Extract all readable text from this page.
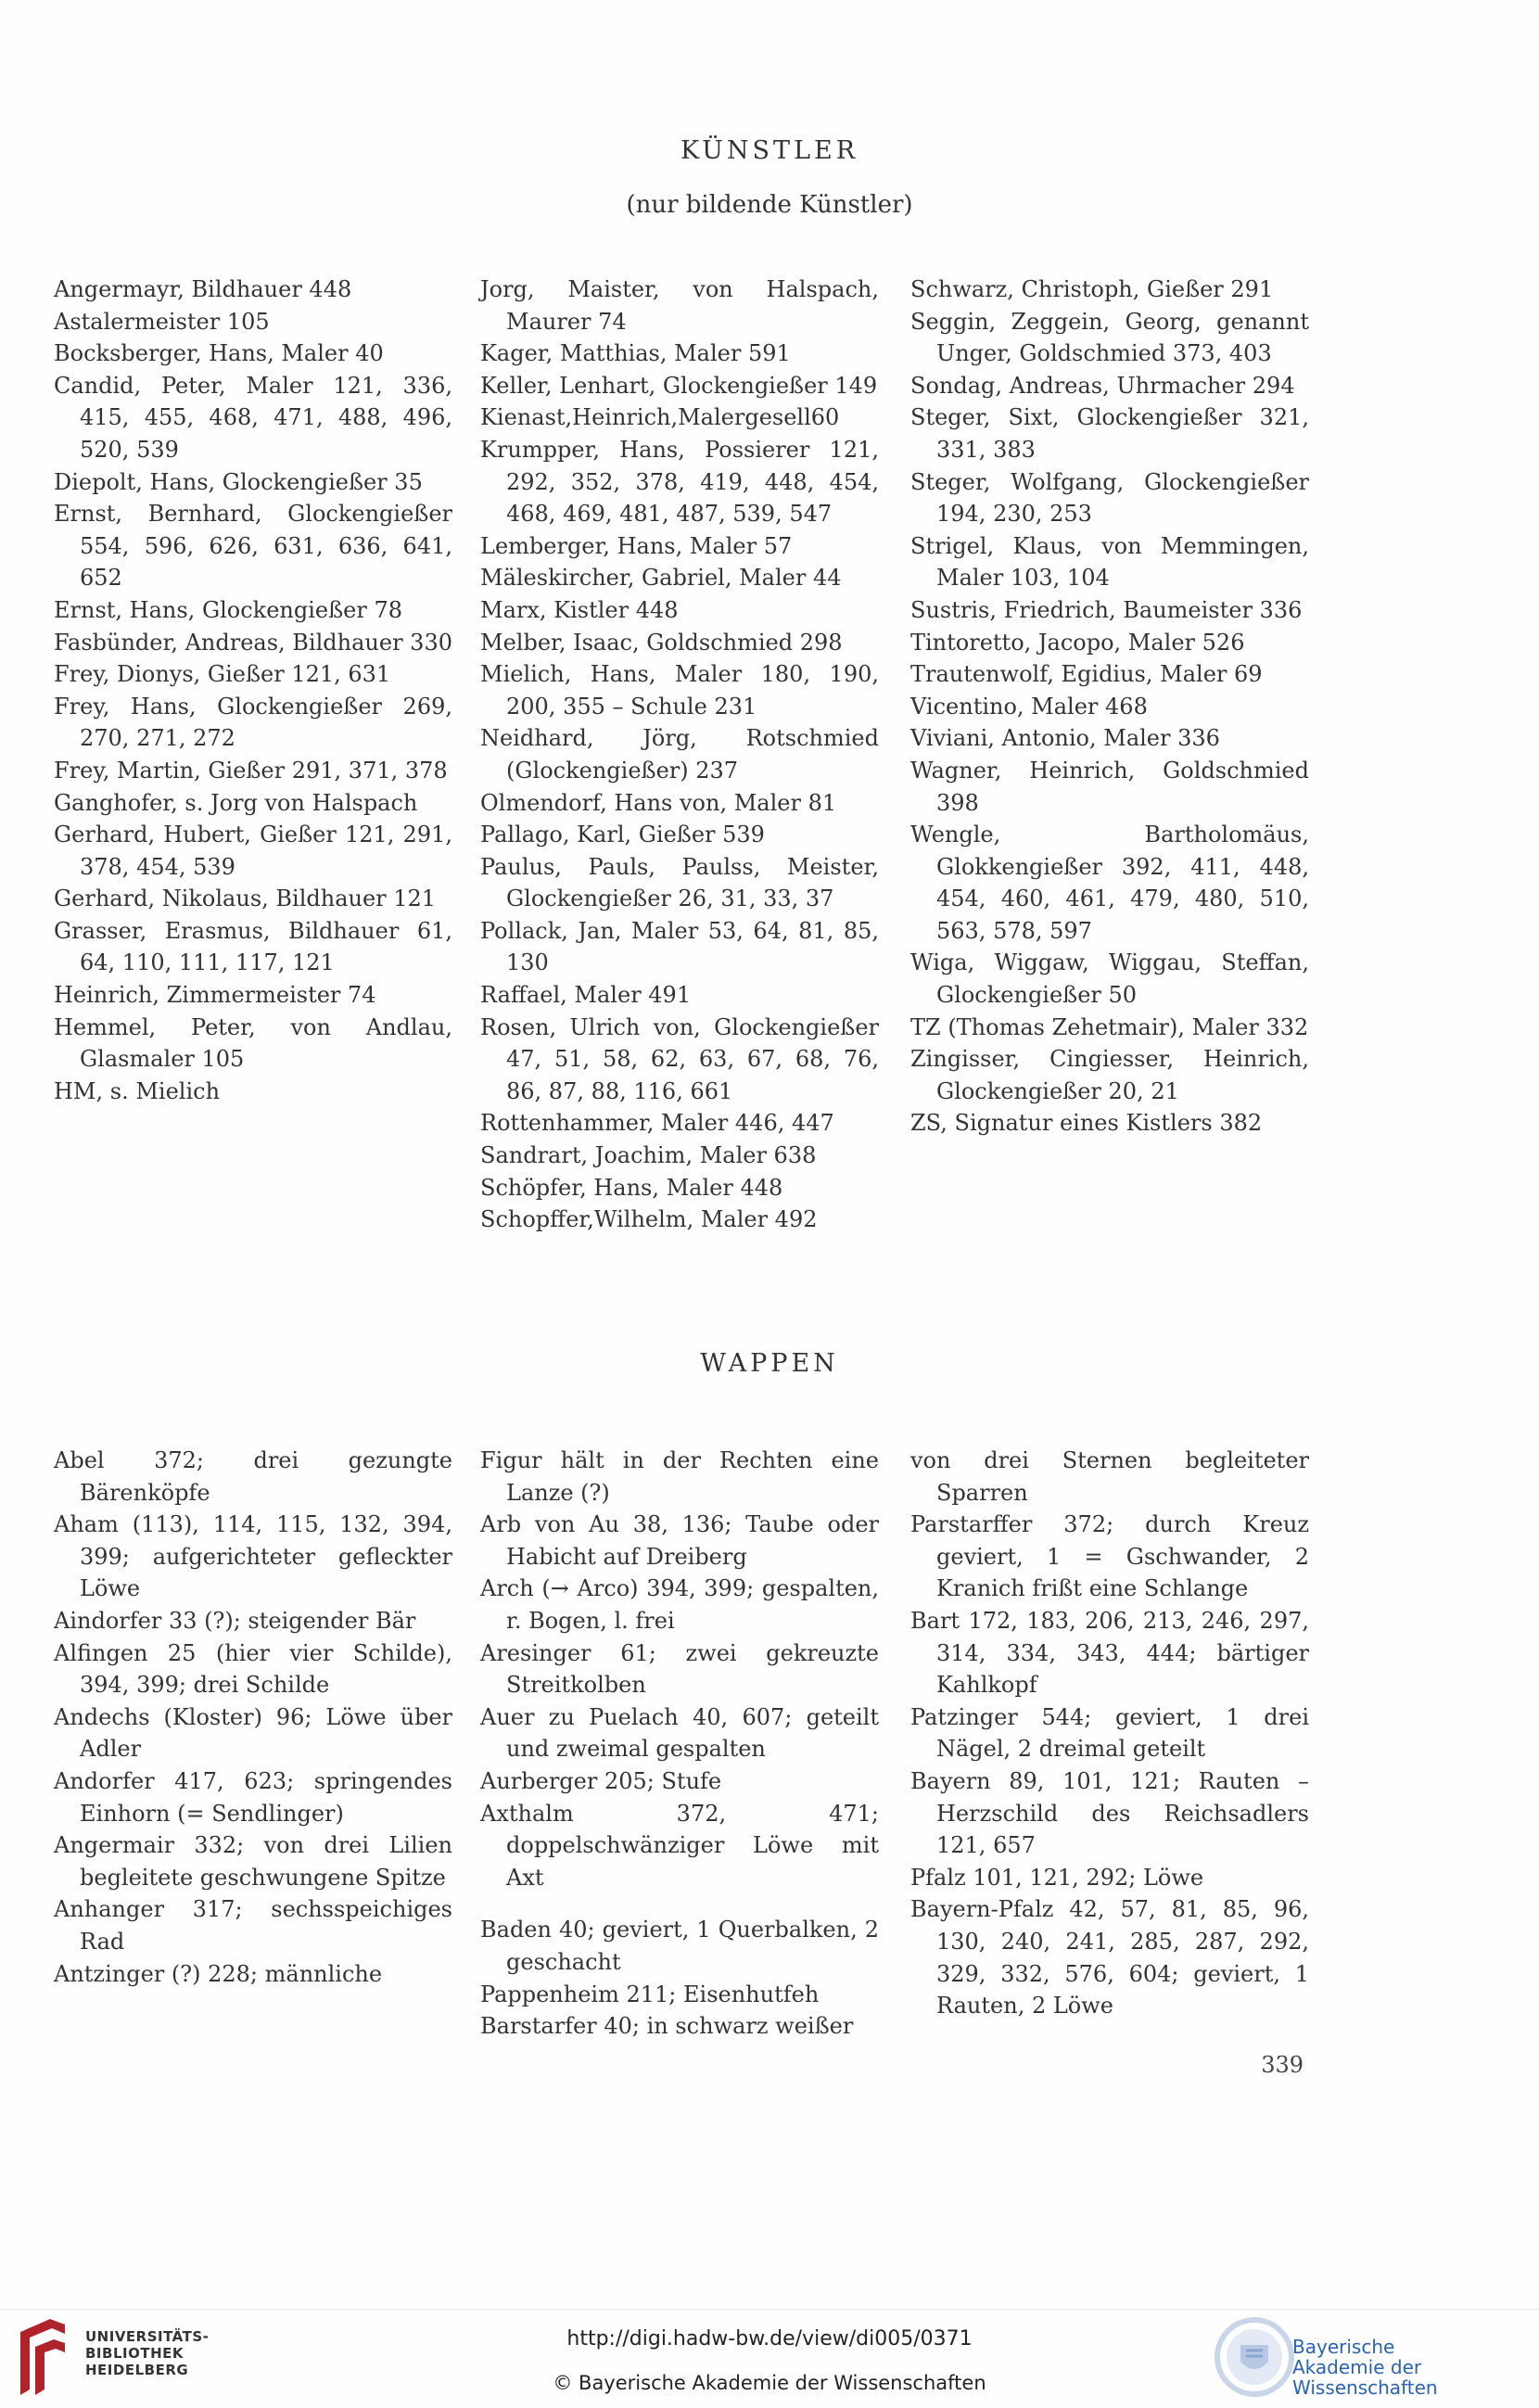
KÜNSTLER
(nur bildende Künstler)

Angermayr, Bildhauer 448

Astalermeister 105

Bocksberger, Hans, Maler 40

Candid, Peter, Maler 121, 336, 415, 455, 468, 471, 488, 496, 520, 539

Diepolt, Hans, Glockengießer 35

Ernst, Bernhard, Glockengießer 554, 596, 626, 631, 636, 641, 652

Ernst, Hans, Glockengießer 78

Fasbünder, Andreas, Bildhauer 330

Frey, Dionys, Gießer 121, 631

Frey, Hans, Glockengießer 269, 270, 271, 272

Frey, Martin, Gießer 291, 371, 378

Ganghofer, s. Jorg von Halspach

Gerhard, Hubert, Gießer 121, 291, 378, 454, 539

Gerhard, Nikolaus, Bildhauer 121

Grasser, Erasmus, Bildhauer 61, 64, 110, 111, 117, 121

Heinrich, Zimmermeister 74

Hemmel, Peter, von Andlau, Glasmaler 105

HM, s. Mielich

Jorg, Maister, von Halspach, Maurer 74

Kager, Matthias, Maler 591

Keller, Lenhart, Glockengießer 149

Kienast,Heinrich,Malergesell60

Krumpper, Hans, Possierer 121, 292, 352, 378, 419, 448, 454, 468, 469, 481, 487, 539, 547

Lemberger, Hans, Maler 57

Mäleskircher, Gabriel, Maler 44

Marx, Kistler 448

Melber, Isaac, Goldschmied 298

Mielich, Hans, Maler 180, 190, 200, 355 – Schule 231

Neidhard, Jörg, Rotschmied (Glockengießer) 237

Olmendorf, Hans von, Maler 81

Pallago, Karl, Gießer 539

Paulus, Pauls, Paulss, Meister, Glockengießer 26, 31, 33, 37

Pollack, Jan, Maler 53, 64, 81, 85, 130

Raffael, Maler 491

Rosen, Ulrich von, Glockengießer 47, 51, 58, 62, 63, 67, 68, 76, 86, 87, 88, 116, 661

Rottenhammer, Maler 446, 447

Sandrart, Joachim, Maler 638

Schöpfer, Hans, Maler 448

Schopffer,Wilhelm, Maler 492

Schwarz, Christoph, Gießer 291

Seggin, Zeggein, Georg, genannt Unger, Goldschmied 373, 403

Sondag, Andreas, Uhrmacher 294

Steger, Sixt, Glockengießer 321, 331, 383

Steger, Wolfgang, Glockengießer 194, 230, 253

Strigel, Klaus, von Memmingen, Maler 103, 104

Sustris, Friedrich, Baumeister 336

Tintoretto, Jacopo, Maler 526

Trautenwolf, Egidius, Maler 69

Vicentino, Maler 468

Viviani, Antonio, Maler 336

Wagner, Heinrich, Goldschmied 398

Wengle, Bartholomäus, Glokkengießer 392, 411, 448, 454, 460, 461, 479, 480, 510, 563, 578, 597

Wiga, Wiggaw, Wiggau, Steffan, Glockengießer 50

TZ (Thomas Zehetmair), Maler 332

Zingisser, Cingiesser, Heinrich, Glockengießer 20, 21

ZS, Signatur eines Kistlers 382

WAPPEN

Abel 372; drei gezungte Bärenköpfe

Aham (113), 114, 115, 132, 394, 399; aufgerichteter gefleckter Löwe

Aindorfer 33 (?); steigender Bär

Alfingen 25 (hier vier Schilde), 394, 399; drei Schilde

Andechs (Kloster) 96; Löwe über Adler

Andorfer 417, 623; springendes Einhorn (= Sendlinger)

Angermair 332; von drei Lilien begleitete geschwungene Spitze

Anhanger 317; sechsspeichiges Rad

Antzinger (?) 228; männliche

Figur hält in der Rechten eine Lanze (?)

Arb von Au 38, 136; Taube oder Habicht auf Dreiberg

Arch (→ Arco) 394, 399; gespalten, r. Bogen, l. frei

Aresinger 61; zwei gekreuzte Streitkolben

Auer zu Puelach 40, 607; geteilt und zweimal gespalten

Aurberger 205; Stufe

Axthalm 372, 471; doppelschwänziger Löwe mit Axt

Baden 40; geviert, 1 Querbalken, 2 geschacht

Pappenheim 211; Eisenhutfeh

Barstarfer 40; in schwarz weißer

von drei Sternen begleiteter Sparren

Parstarffer 372; durch Kreuz geviert, 1 = Gschwander, 2 Kranich frißt eine Schlange

Bart 172, 183, 206, 213, 246, 297, 314, 334, 343, 444; bärtiger Kahlkopf

Patzinger 544; geviert, 1 drei Nägel, 2 dreimal geteilt

Bayern 89, 101, 121; Rauten – Herzschild des Reichsadlers 121, 657

Pfalz 101, 121, 292; Löwe

Bayern-Pfalz 42, 57, 81, 85, 96, 130, 240, 241, 285, 287, 292, 329, 332, 576, 604; geviert, 1 Rauten, 2 Löwe

339
UNIVERSITÄTS-
BIBLIOTHEK
HEIDELBERG
http://digi.hadw-bw.de/view/di005/0371
© Bayerische Akademie der Wissenschaften
Bayerische
Akademie der Wissenschaften
